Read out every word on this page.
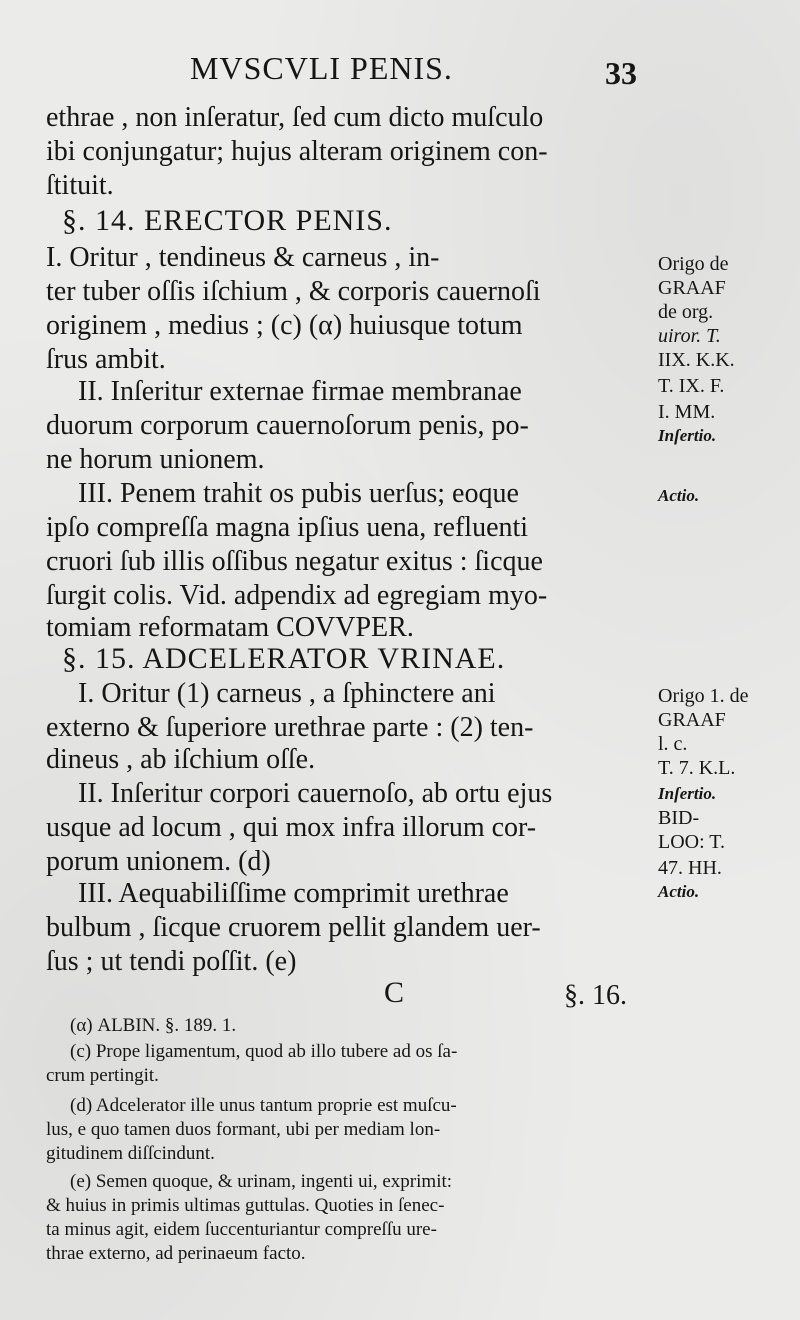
MVSCVLI PENIS.	33
ethrae , non inſeratur, ſed cum dicto muſculo
ibi conjungatur; hujus alteram originem con-
ſtituit.
§. 14. ERECTOR PENIS.
I. Oritur , tendineus & carneus , in-
ter tuber oſſis iſchium , & corporis cauernoſi
originem , medius ; (c) (α) huiusque totum
ſrus ambit.
II. Inſeritur externae firmae membranae
duorum corporum cauernoſorum penis, po-
ne horum unionem.
III. Penem trahit os pubis uerſus; eoque
ipſo compreſſa magna ipſius uena, refluenti
cruori ſub illis oſſibus negatur exitus : ſicque
ſurgit colis. Vid. adpendix ad egregiam myo-
tomiam reformatam COVVPER.
§. 15. ADCELERATOR VRINAE.
I. Oritur (1) carneus , a ſphinctere ani
externo & ſuperiore urethrae parte : (2) ten-
dineus , ab iſchium oſſe.
II. Inſeritur corpori cauernoſo, ab ortu ejus
usque ad locum , qui mox infra illorum cor-
porum unionem. (d)
III. Aequabiliſſime comprimit urethrae
bulbum , ſicque cruorem pellit glandem uer-
ſus ; ut tendi poſſit. (e)
C	§. 16.
Origo de
GRAAF
de org.
uiror. T.
IIX. K.K.
T. IX. F.
I. MM.
Inſertio.
Actio.
Origo 1. de
GRAAF
l. c.
T. 7. K.L.
Inſertio.
BID-
LOO: T.
47. HH.
Actio.
(α) ALBIN. §. 189. 1.
(c) Prope ligamentum, quod ab illo tubere ad os ſa-
crum pertingit.
(d) Adcelerator ille unus tantum proprie est muſcu-
lus, e quo tamen duos formant, ubi per mediam lon-
gitudinem diſſcindunt.
(e) Semen quoque, & urinam, ingenti ui, exprimit:
& huius in primis ultimas guttulas. Quoties in ſenec-
ta minus agit, eidem ſuccenturiantur compreſſu ure-
thrae externo, ad perinaeum facto.
